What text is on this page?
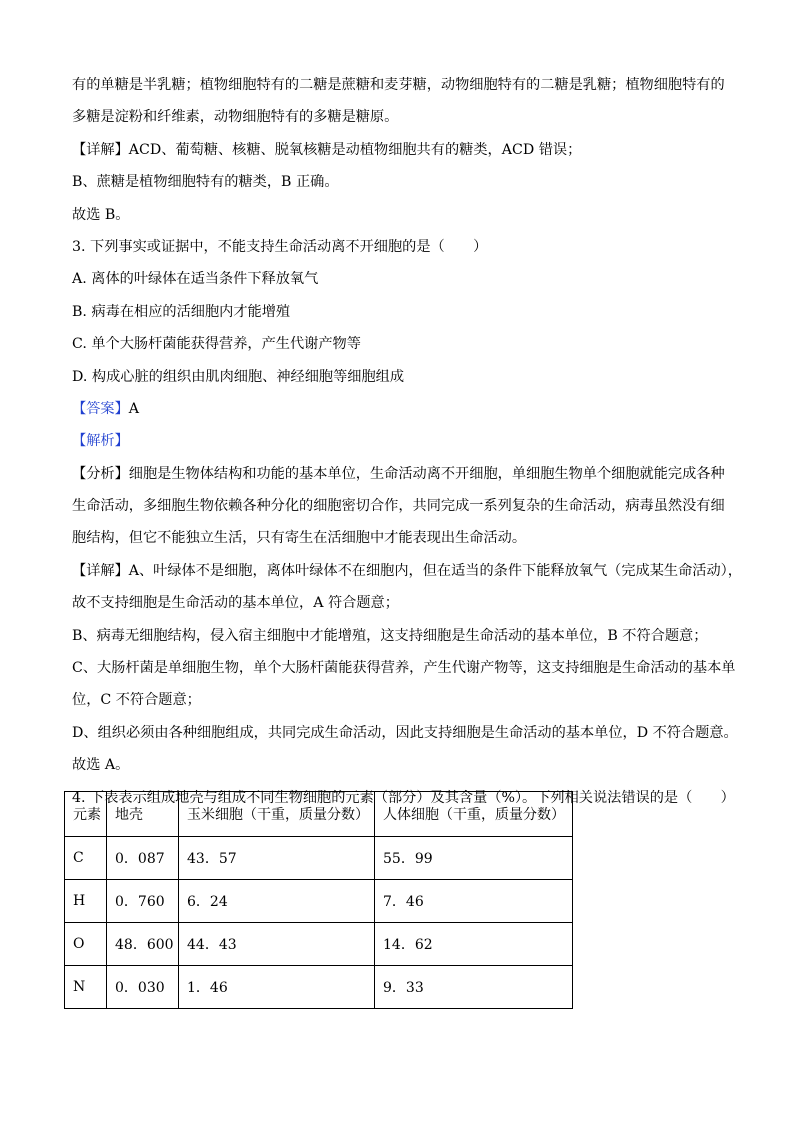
有的单糖是半乳糖；植物细胞特有的二糖是蔗糖和麦芽糖，动物细胞特有的二糖是乳糖；植物细胞特有的
多糖是淀粉和纤维素，动物细胞特有的多糖是糖原。
【详解】ACD、葡萄糖、核糖、脱氧核糖是动植物细胞共有的糖类，ACD 错误；
B、蔗糖是植物细胞特有的糖类，B 正确。
故选 B。
3. 下列事实或证据中，不能支持生命活动离不开细胞的是（　　）
A. 离体的叶绿体在适当条件下释放氧气
B. 病毒在相应的活细胞内才能增殖
C. 单个大肠杆菌能获得营养，产生代谢产物等
D. 构成心脏的组织由肌肉细胞、神经细胞等细胞组成
【答案】A
【解析】
【分析】细胞是生物体结构和功能的基本单位，生命活动离不开细胞，单细胞生物单个细胞就能完成各种
生命活动，多细胞生物依赖各种分化的细胞密切合作，共同完成一系列复杂的生命活动，病毒虽然没有细
胞结构，但它不能独立生活，只有寄生在活细胞中才能表现出生命活动。
【详解】A、叶绿体不是细胞，离体叶绿体不在细胞内，但在适当的条件下能释放氧气（完成某生命活动），
故不支持细胞是生命活动的基本单位，A 符合题意；
B、病毒无细胞结构，侵入宿主细胞中才能增殖，这支持细胞是生命活动的基本单位，B 不符合题意；
C、大肠杆菌是单细胞生物，单个大肠杆菌能获得营养，产生代谢产物等，这支持细胞是生命活动的基本单
位，C 不符合题意；
D、组织必须由各种细胞组成，共同完成生命活动，因此支持细胞是生命活动的基本单位，D 不符合题意。
故选 A。
4. 下表表示组成地壳与组成不同生物细胞的元素（部分）及其含量（%）。下列相关说法错误的是（　　）
元素	地壳	玉米细胞（干重，质量分数）	人体细胞（干重，质量分数）
C	0．087	43．57	55．99
H	0．760	6．24	7．46
O	48．600	44．43	14．62
N	0．030	1．46	9．33
